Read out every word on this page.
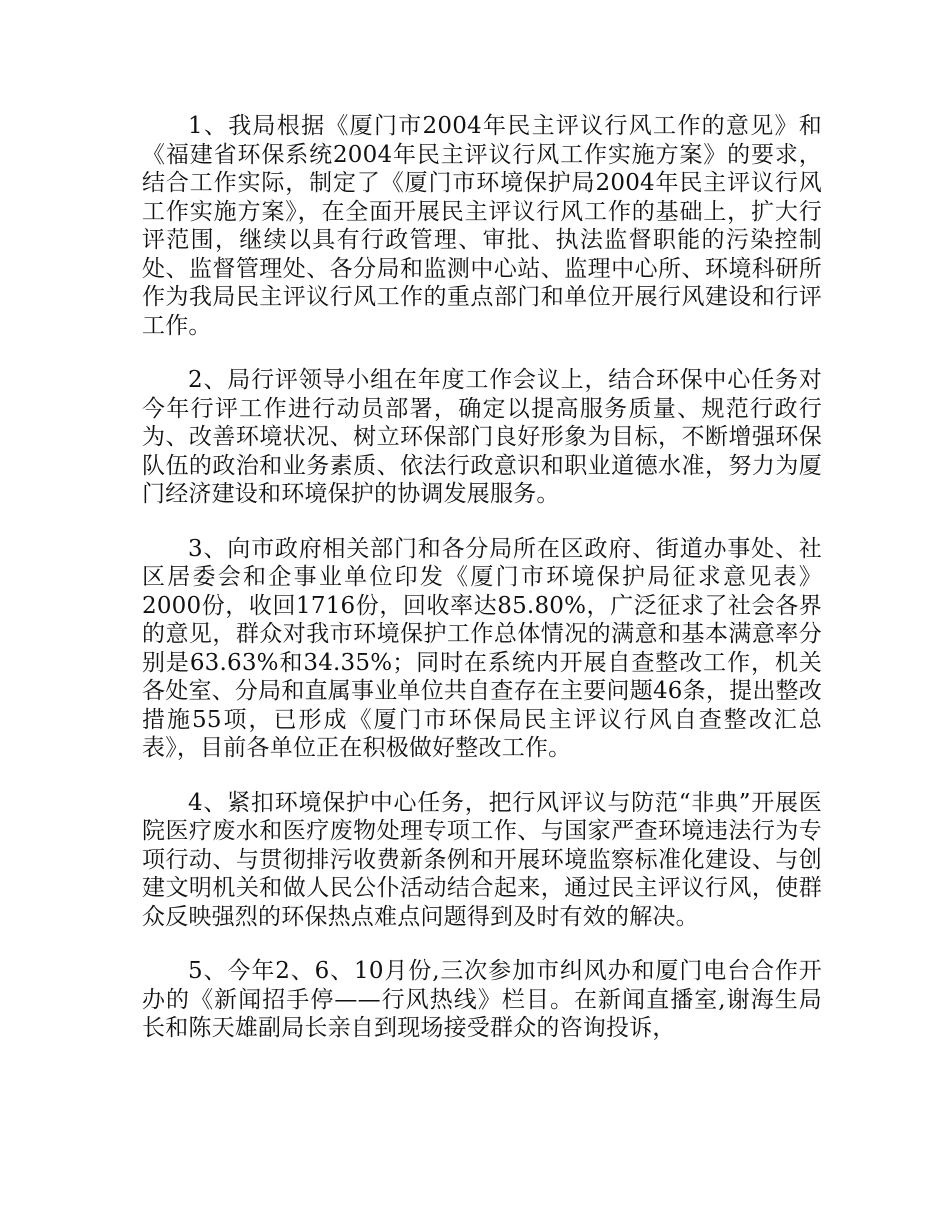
1、我局根据《厦门市2004年民主评议行风工作的意见》和《福建省环保系统2004年民主评议行风工作实施方案》的要求，结合工作实际，制定了《厦门市环境保护局2004年民主评议行风工作实施方案》，在全面开展民主评议行风工作的基础上，扩大行评范围，继续以具有行政管理、审批、执法监督职能的污染控制处、监督管理处、各分局和监测中心站、监理中心所、环境科研所作为我局民主评议行风工作的重点部门和单位开展行风建设和行评工作。

2、局行评领导小组在年度工作会议上，结合环保中心任务对今年行评工作进行动员部署，确定以提高服务质量、规范行政行为、改善环境状况、树立环保部门良好形象为目标，不断增强环保队伍的政治和业务素质、依法行政意识和职业道德水准，努力为厦门经济建设和环境保护的协调发展服务。

3、向市政府相关部门和各分局所在区政府、街道办事处、社区居委会和企事业单位印发《厦门市环境保护局征求意见表》2000份，收回1716份，回收率达85.80%，广泛征求了社会各界的意见，群众对我市环境保护工作总体情况的满意和基本满意率分别是63.63%和34.35%；同时在系统内开展自查整改工作，机关各处室、分局和直属事业单位共自查存在主要问题46条，提出整改措施55项，已形成《厦门市环保局民主评议行风自查整改汇总表》，目前各单位正在积极做好整改工作。

4、紧扣环境保护中心任务，把行风评议与防范“非典”开展医院医疗废水和医疗废物处理专项工作、与国家严查环境违法行为专项行动、与贯彻排污收费新条例和开展环境监察标准化建设、与创建文明机关和做人民公仆活动结合起来，通过民主评议行风，使群众反映强烈的环保热点难点问题得到及时有效的解决。

5、今年2、6、10月份,三次参加市纠风办和厦门电台合作开办的《新闻招手停——行风热线》栏目。在新闻直播室,谢海生局长和陈天雄副局长亲自到现场接受群众的咨询投诉，
